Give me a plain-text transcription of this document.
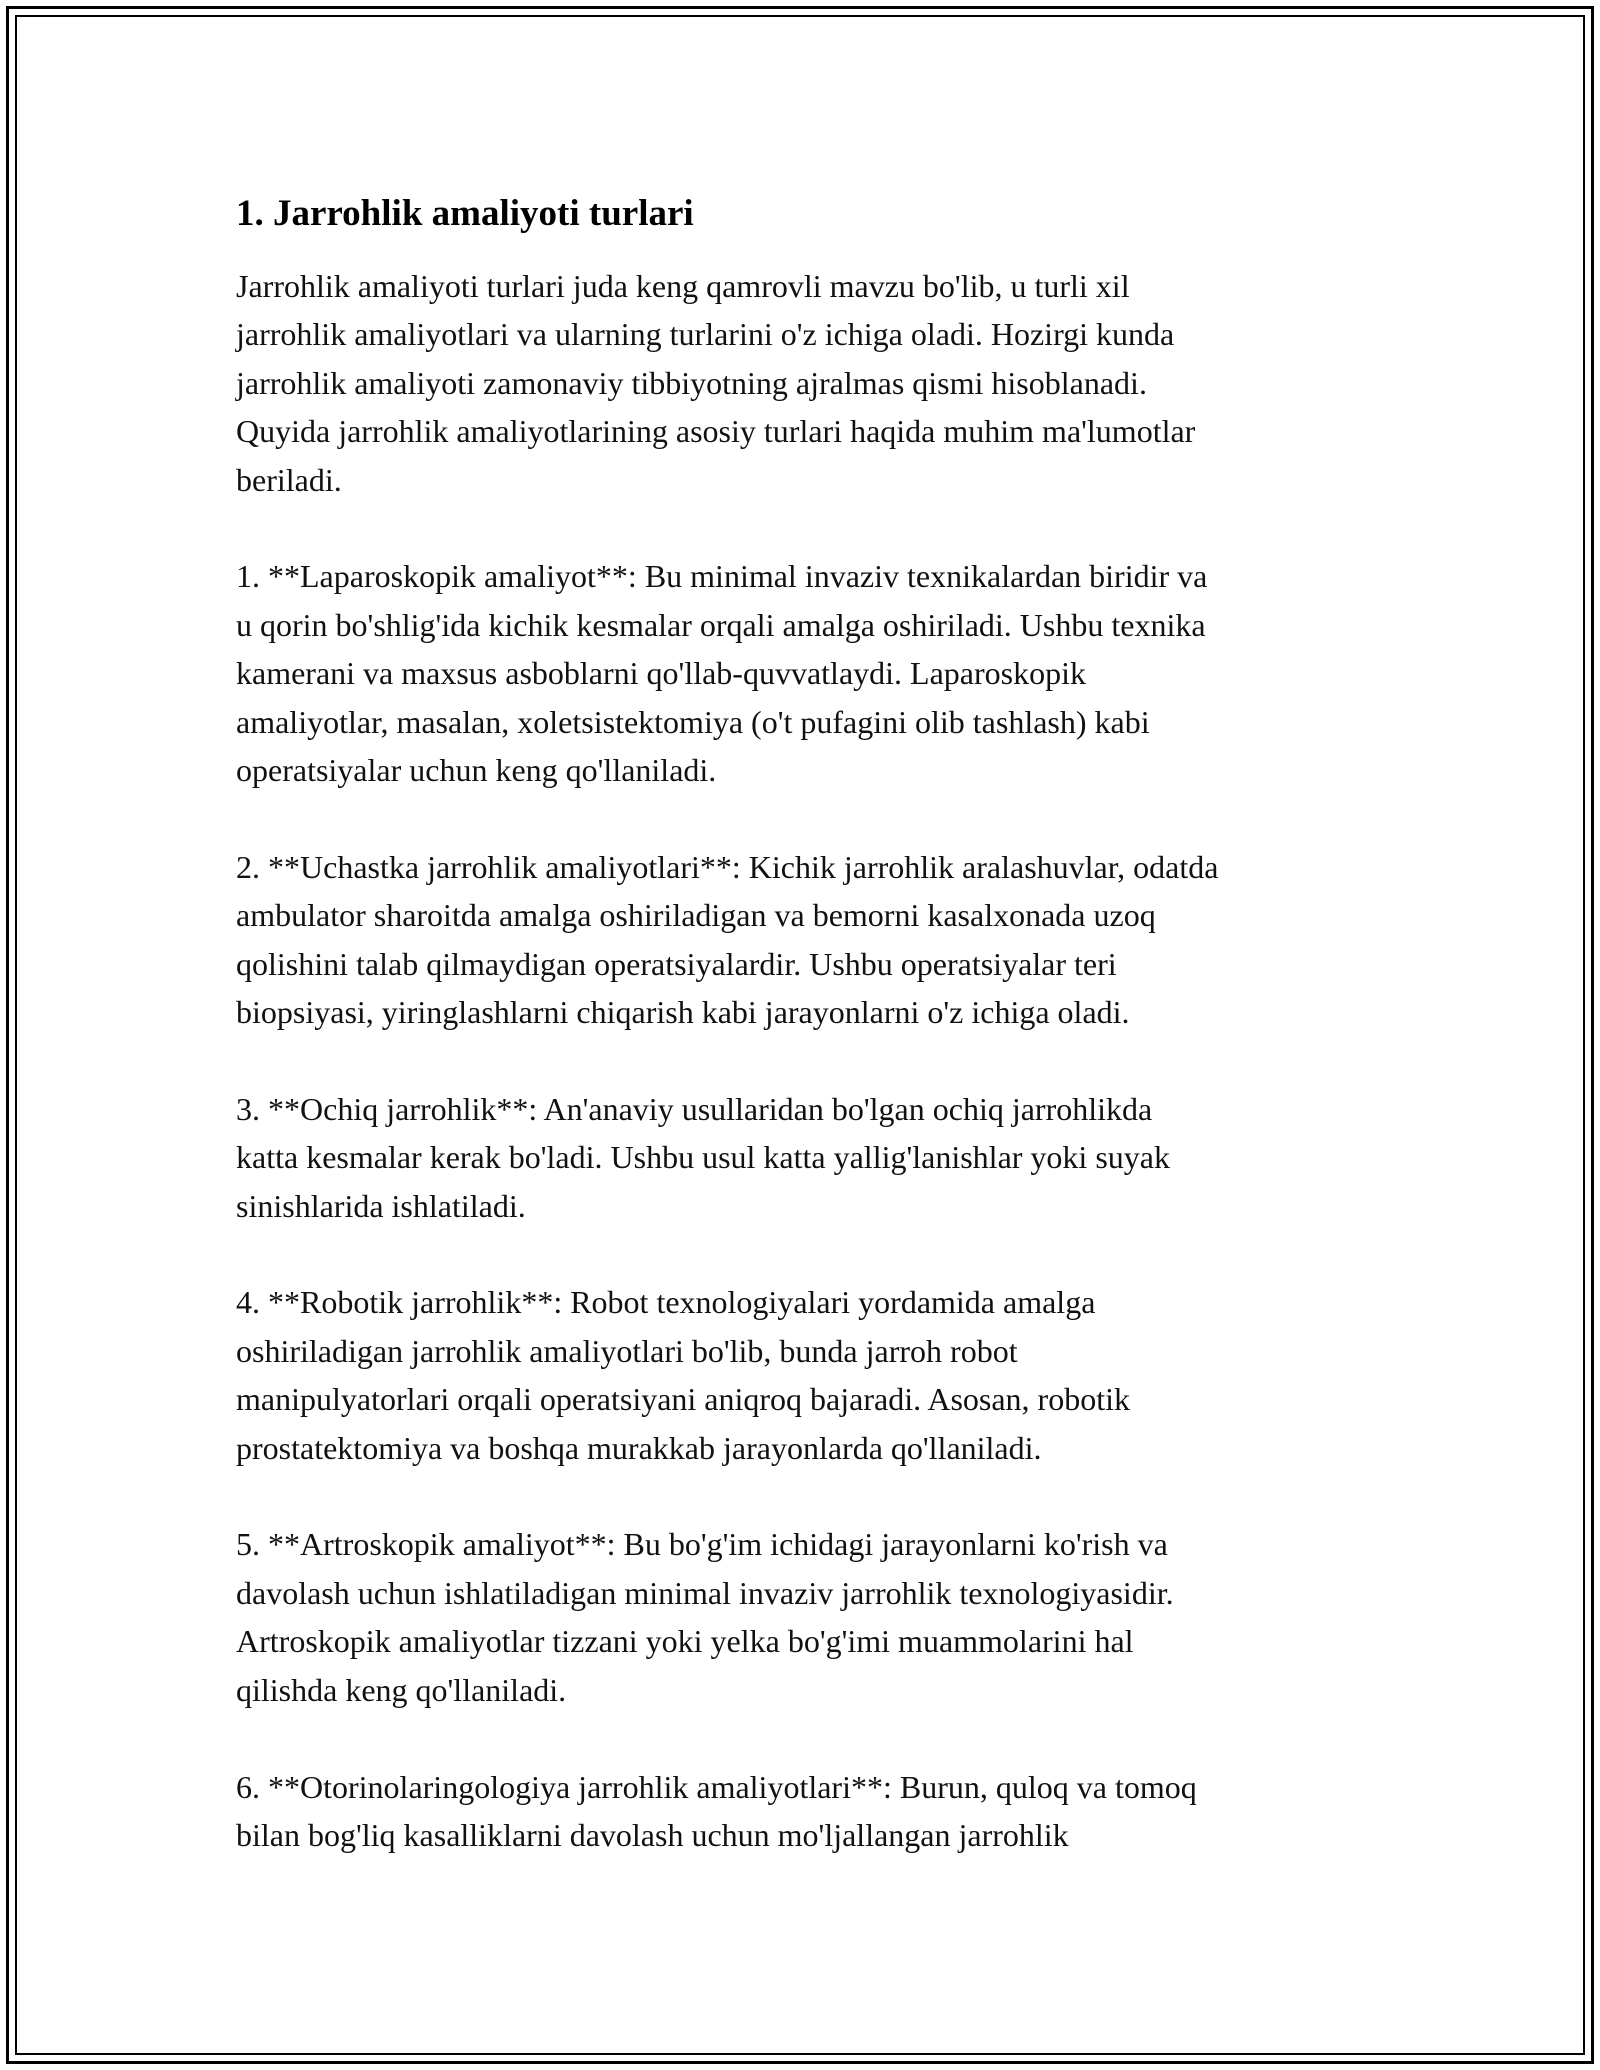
1. Jarrohlik amaliyoti turlari
Jarrohlik amaliyoti turlari juda keng qamrovli mavzu bo'lib, u turli xil
jarrohlik amaliyotlari va ularning turlarini o'z ichiga oladi. Hozirgi kunda
jarrohlik amaliyoti zamonaviy tibbiyotning ajralmas qismi hisoblanadi.
Quyida jarrohlik amaliyotlarining asosiy turlari haqida muhim ma'lumotlar
beriladi.
1. **Laparoskopik amaliyot**: Bu minimal invaziv texnikalardan biridir va
u qorin bo'shlig'ida kichik kesmalar orqali amalga oshiriladi. Ushbu texnika
kamerani va maxsus asboblarni qo'llab-quvvatlaydi. Laparoskopik
amaliyotlar, masalan, xoletsistektomiya (o't pufagini olib tashlash) kabi
operatsiyalar uchun keng qo'llaniladi.
2. **Uchastka jarrohlik amaliyotlari**: Kichik jarrohlik aralashuvlar, odatda
ambulator sharoitda amalga oshiriladigan va bemorni kasalxonada uzoq
qolishini talab qilmaydigan operatsiyalardir. Ushbu operatsiyalar teri
biopsiyasi, yiringlashlarni chiqarish kabi jarayonlarni o'z ichiga oladi.
3. **Ochiq jarrohlik**: An'anaviy usullaridan bo'lgan ochiq jarrohlikda
katta kesmalar kerak bo'ladi. Ushbu usul katta yallig'lanishlar yoki suyak
sinishlarida ishlatiladi.
4. **Robotik jarrohlik**: Robot texnologiyalari yordamida amalga
oshiriladigan jarrohlik amaliyotlari bo'lib, bunda jarroh robot
manipulyatorlari orqali operatsiyani aniqroq bajaradi. Asosan, robotik
prostatektomiya va boshqa murakkab jarayonlarda qo'llaniladi.
5. **Artroskopik amaliyot**: Bu bo'g'im ichidagi jarayonlarni ko'rish va
davolash uchun ishlatiladigan minimal invaziv jarrohlik texnologiyasidir.
Artroskopik amaliyotlar tizzani yoki yelka bo'g'imi muammolarini hal
qilishda keng qo'llaniladi.
6. **Otorinolaringologiya jarrohlik amaliyotlari**: Burun, quloq va tomoq
bilan bog'liq kasalliklarni davolash uchun mo'ljallangan jarrohlik
